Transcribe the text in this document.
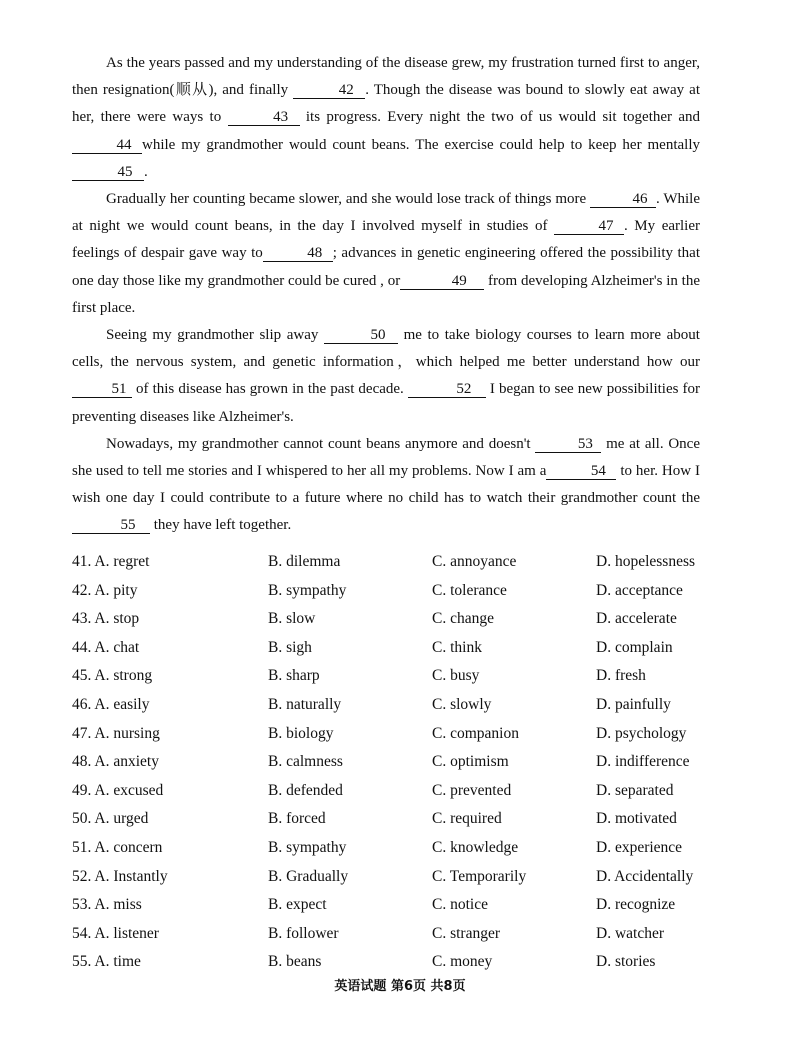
As the years passed and my understanding of the disease grew, my frustration turned first to anger, then resignation(顺从), and finally	42 . Though the disease was bound to slowly eat away at her, there were ways to	43 its progress. Every night the two of us would sit together and 44 while my grandmother would count beans. The exercise could help to keep her mentally45 .

Gradually her counting became slower, and she would lose track of things more	46 . While at night we would count beans, in the day I involved myself in studies of	47 . My earlier feelings of despair gave way to	48 ; advances in genetic engineering offered the possibility that one day those like my grandmother could be cured , or	49 from developing Alzheimer's in the first place.

Seeing my grandmother slip away	50 me to take biology courses to learn more about cells, the nervous system, and genetic information，which helped me better understand how our 51 of this disease has grown in the past decade.	52 I began to see new possibilities for preventing diseases like Alzheimer's.

Nowadays, my grandmother cannot count beans anymore and doesn't	53 me at all. Once she used to tell me stories and I whispered to her all my problems. Now I am a	54 to her. How I wish one day I could contribute to a future where no child has to watch their grandmother count the 55 they have left together.

41. A. regret	B. dilemma	C. annoyance	D. hopelessness
42. A. pity	B. sympathy	C. tolerance	D. acceptance
43. A. stop	B. slow	C. change	D. accelerate
44. A. chat	B. sigh	C. think	D. complain
45. A. strong	B. sharp	C. busy	D. fresh
46. A. easily	B. naturally	C. slowly	D. painfully
47. A. nursing	B. biology	C. companion	D. psychology
48. A. anxiety	B. calmness	C. optimism	D. indifference
49. A. excused	B. defended	C. prevented	D. separated
50. A. urged	B. forced	C. required	D. motivated
51. A. concern	B. sympathy	C. knowledge	D. experience
52. A. Instantly	B. Gradually	C. Temporarily	D. Accidentally
53. A. miss	B. expect	C. notice	D. recognize
54. A. listener	B. follower	C. stranger	D. watcher
55. A. time	B. beans	C. money	D. stories
英语试题 第6页 共8页
